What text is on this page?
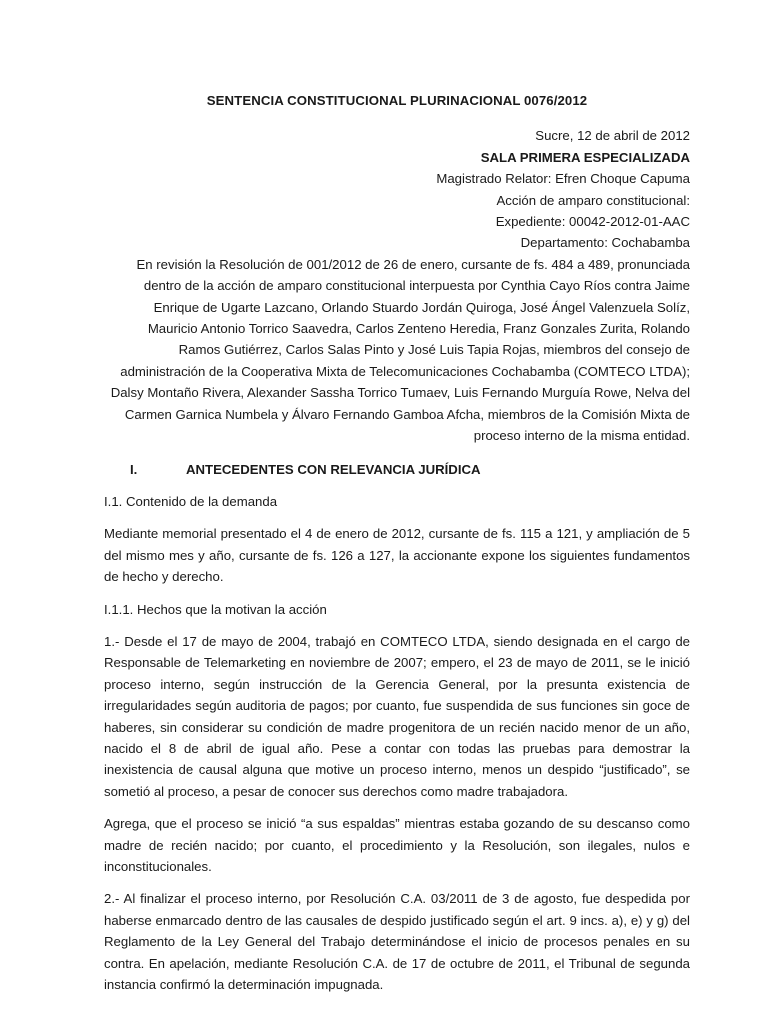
SENTENCIA CONSTITUCIONAL PLURINACIONAL 0076/2012
Sucre, 12 de abril de 2012
SALA PRIMERA ESPECIALIZADA
Magistrado Relator: Efren Choque Capuma
Acción de amparo constitucional:
Expediente: 00042-2012-01-AAC
Departamento: Cochabamba

En revisión la Resolución de 001/2012 de 26 de enero, cursante de fs. 484 a 489, pronunciada dentro de la acción de amparo constitucional interpuesta por Cynthia Cayo Ríos contra Jaime Enrique de Ugarte Lazcano, Orlando Stuardo Jordán Quiroga, José Ángel Valenzuela Solíz, Mauricio Antonio Torrico Saavedra, Carlos Zenteno Heredia, Franz Gonzales Zurita, Rolando Ramos Gutiérrez, Carlos Salas Pinto y José Luis Tapia Rojas, miembros del consejo de administración de la Cooperativa Mixta de Telecomunicaciones Cochabamba (COMTECO LTDA); Dalsy Montaño Rivera, Alexander Sassha Torrico Tumaev, Luis Fernando Murguía Rowe, Nelva del Carmen Garnica Numbela y Álvaro Fernando Gamboa Afcha, miembros de la Comisión Mixta de proceso interno de la misma entidad.

I.	ANTECEDENTES CON RELEVANCIA JURÍDICA
I.1. Contenido de la demanda

Mediante memorial presentado el 4 de enero de 2012, cursante de fs. 115 a 121, y ampliación de 5 del mismo mes y año, cursante de fs. 126 a 127, la accionante expone los siguientes fundamentos de hecho y derecho.

I.1.1. Hechos que la motivan la acción

1.- Desde el 17 de mayo de 2004, trabajó en COMTECO LTDA, siendo designada en el cargo de Responsable de Telemarketing en noviembre de 2007; empero, el 23 de mayo de 2011, se le inició proceso interno, según instrucción de la Gerencia General, por la presunta existencia de irregularidades según auditoria de pagos; por cuanto, fue suspendida de sus funciones sin goce de haberes, sin considerar su condición de madre progenitora de un recién nacido menor de un año, nacido el 8 de abril de igual año. Pese a contar con todas las pruebas para demostrar la inexistencia de causal alguna que motive un proceso interno, menos un despido “justificado”, se sometió al proceso, a pesar de conocer sus derechos como madre trabajadora.

Agrega, que el proceso se inició “a sus espaldas” mientras estaba gozando de su descanso como madre de recién nacido; por cuanto, el procedimiento y la Resolución, son ilegales, nulos e inconstitucionales.

2.- Al finalizar el proceso interno, por Resolución C.A. 03/2011 de 3 de agosto, fue despedida por haberse enmarcado dentro de las causales de despido justificado según el art. 9 incs. a), e) y g) del Reglamento de la Ley General del Trabajo determinándose el inicio de procesos penales en su contra. En apelación, mediante Resolución C.A. de 17 de octubre de 2011, el Tribunal de segunda instancia confirmó la determinación impugnada.
